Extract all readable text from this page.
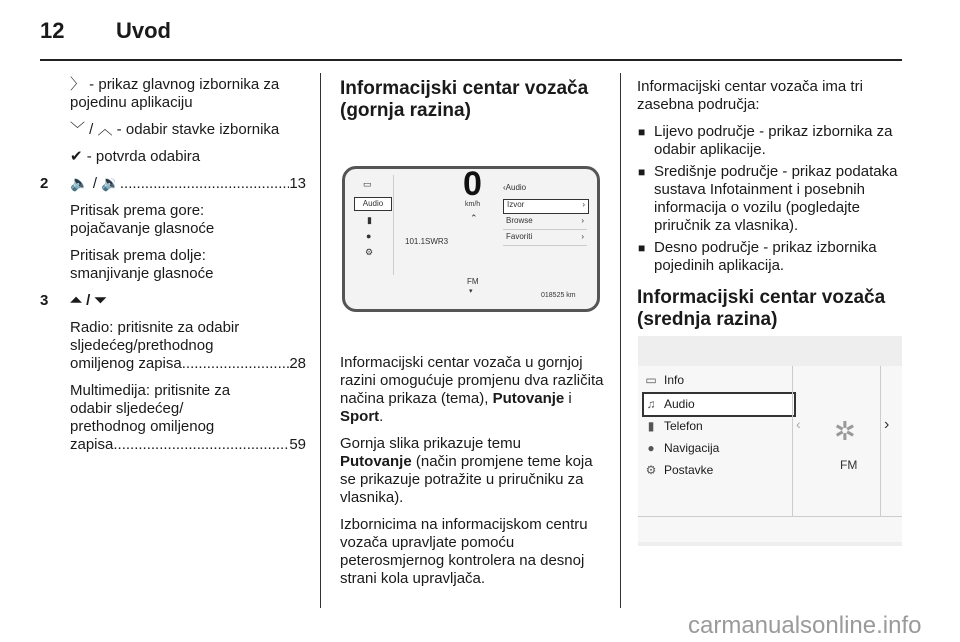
12 Uvod

〉 - prikaz glavnog izbornika za pojedinu aplikaciju

﹀ / ︿ - odabir stavke izbornika

✔ - potvrda odabira

2 🔈 / 🔉 .....	13

Pritisak prema gore:
pojačavanje glasnoće

Pritisak prema dolje:
smanjivanje glasnoće

3 ⏶ / ⏷

Radio: pritisnite za odabir
sljedećeg/prethodnog

omiljenog zapisa .....	28

Multimedija: pritisnite za
odabir sljedećeg/
prethodnog omiljenog

zapisa .....	59

Informacijski centar vozača (gornja razina)

▭
Audio
▮
●
⚙
0
km/h
⌃
101.1SWR3
FM
▾
‹Audio
Izvor	›
Browse	›
Favoriti	›
018525 km

Informacijski centar vozača u gornjoj razini omogućuje promjenu dva različita načina prikaza (tema), Putovanje i Sport.

Gornja slika prikazuje temu
Putovanje (način promjene teme koja se prikazuje potražite u priručniku za vlasnika).

Izbornicima na informacijskom centru vozača upravljate pomoću peterosmjernog kontrolera na desnoj strani kola upravljača.

Informacijski centar vozača ima tri zasebna područja:

■ Lijevo područje - prikaz izbornika za odabir aplikacije.

■ Središnje područje - prikaz podataka sustava Infotainment i posebnih informacija o vozilu (pogledajte priručnik za vlasnika).

■ Desno područje - prikaz izbornika pojedinih aplikacija.

Informacijski centar vozača (srednja razina)

▭ Info
♫ Audio
▮ Telefon
● Navigacija
⚙ Postavke
‹	›
✲
FM
carmanualsonline.info
